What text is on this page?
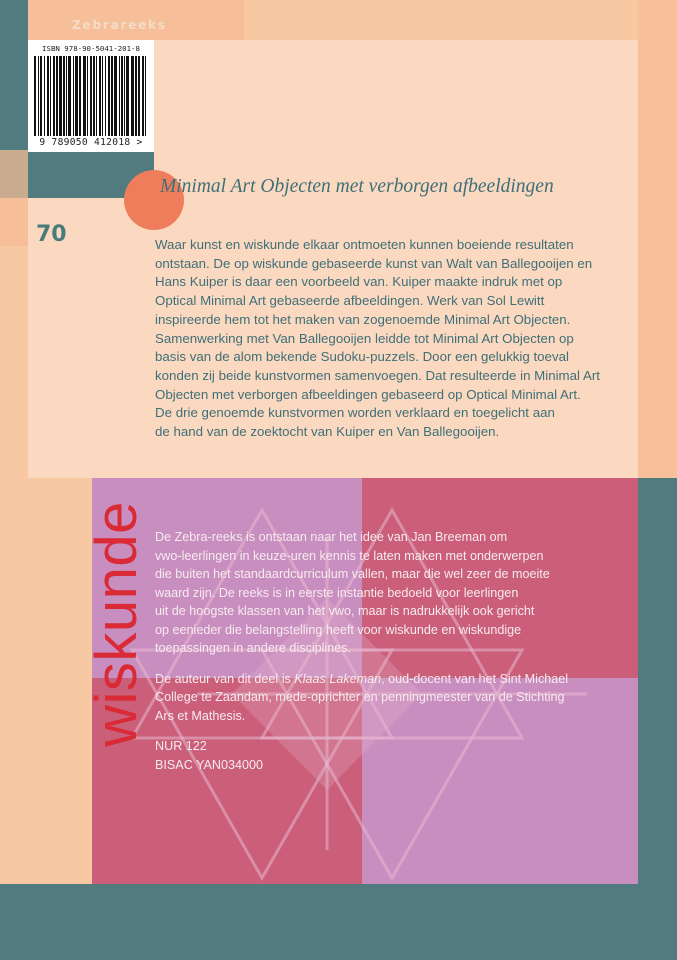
Zebrareeks
ISBN 978-90-5041-201-8
9 789050 412018 >
70
Minimal Art Objecten met verborgen afbeeldingen

Waar kunst en wiskunde elkaar ontmoeten kunnen boeiende resultaten

ontstaan. De op wiskunde gebaseerde kunst van Walt van Ballegooijen en

Hans Kuiper is daar een voorbeeld van. Kuiper maakte indruk met op

Optical Minimal Art gebaseerde afbeeldingen. Werk van Sol Lewitt

inspireerde hem tot het maken van zogenoemde Minimal Art Objecten.

Samenwerking met Van Ballegooijen leidde tot Minimal Art Objecten op

basis van de alom bekende Sudoku-puzzels. Door een gelukkig toeval

konden zij beide kunstvormen samenvoegen. Dat resulteerde in Minimal Art

Objecten met verborgen afbeeldingen gebaseerd op Optical Minimal Art.

De drie genoemde kunstvormen worden verklaard en toegelicht aan

de hand van de zoektocht van Kuiper en Van Ballegooijen.

wiskunde De Zebra-reeks is ontstaan naar het idee van Jan Breeman om
vwo-leerlingen in keuze-uren kennis te laten maken met onderwerpen
die buiten het standaardcurriculum vallen, maar die wel zeer de moeite
waard zijn. De reeks is in eerste instantie bedoeld voor leerlingen
uit de hoogste klassen van het vwo, maar is nadrukkelijk ook gericht
op eenieder die belangstelling heeft voor wiskunde en wiskundige
toepassingen in andere disciplines.

De auteur van dit deel is Klaas Lakeman, oud-docent van het Sint Michael
College te Zaandam, mede-oprichter en penningmeester van de Stichting
Ars et Mathesis.

NUR 122

BISAC YAN034000
